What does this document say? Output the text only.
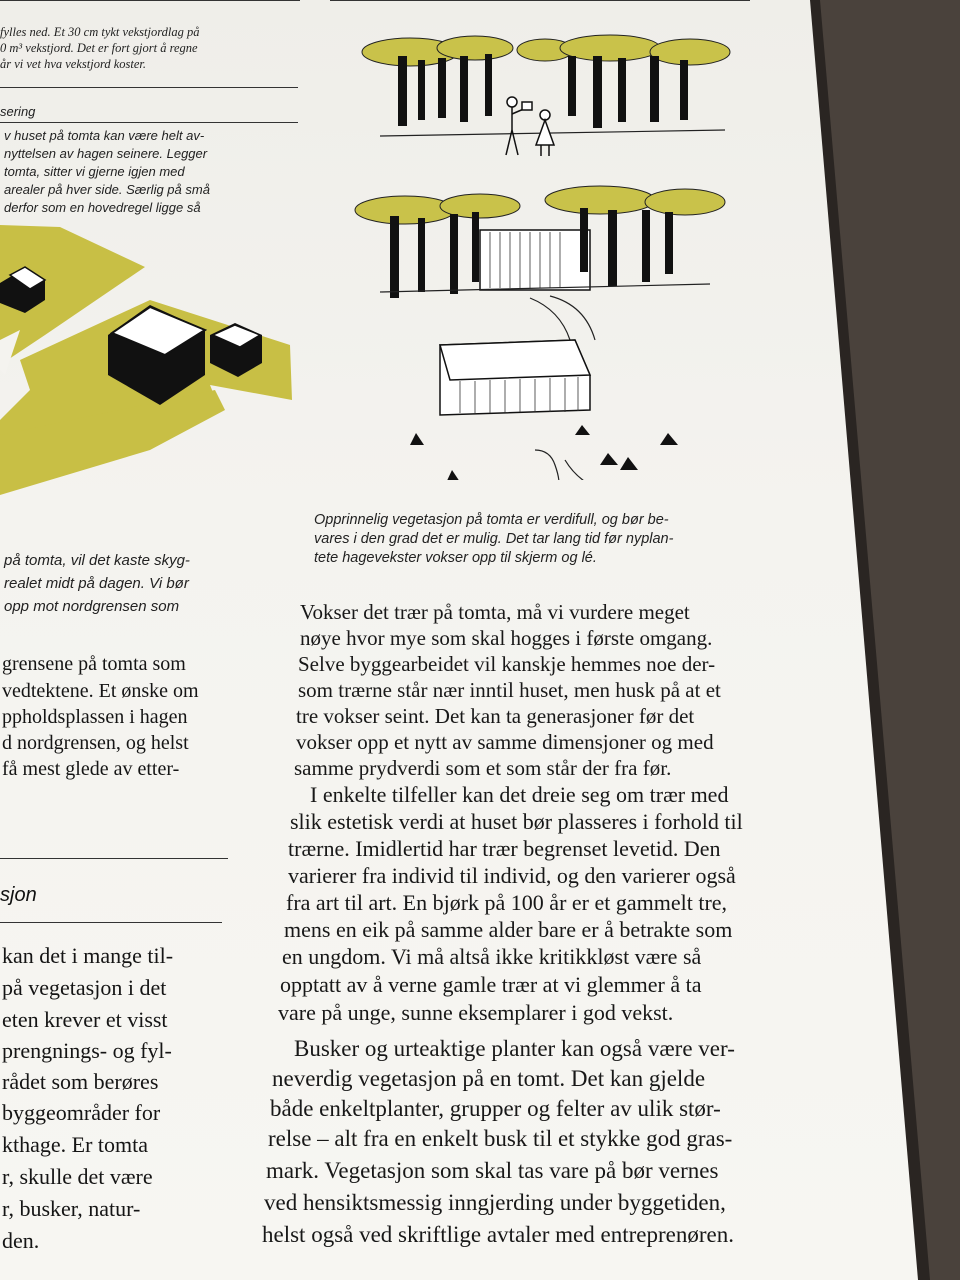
fylles ned. Et 30 cm tykt vekstjordlag på
0 m³ vekstjord. Det er fort gjort å regne
år vi vet hva vekstjord koster.
sering
v huset på tomta kan være helt av-
nyttelsen av hagen seinere. Legger
tomta, sitter vi gjerne igjen med
arealer på hver side. Særlig på små
derfor som en hovedregel ligge så
på tomta, vil det kaste skyg-
realet midt på dagen. Vi bør
opp mot nordgrensen som
grensene på tomta som
vedtektene. Et ønske om
ppholdsplassen i hagen
d nordgrensen, og helst
få mest glede av etter-
sjon
kan det i mange til-
på vegetasjon i det
eten krever et visst
prengnings- og fyl-
rådet som berøres
byggeområder for
kthage. Er tomta
r, skulle det være
r, busker, natur-
den.
Opprinnelig vegetasjon på tomta er verdifull, og bør be-
vares i den grad det er mulig. Det tar lang tid før nyplan-
tete hagevekster vokser opp til skjerm og lé.
Vokser det trær på tomta, må vi vurdere meget
nøye hvor mye som skal hogges i første omgang.
Selve byggearbeidet vil kanskje hemmes noe der-
som trærne står nær inntil huset, men husk på at et
tre vokser seint. Det kan ta generasjoner før det
vokser opp et nytt av samme dimensjoner og med
samme prydverdi som et som står der fra før.
I enkelte tilfeller kan det dreie seg om trær med
slik estetisk verdi at huset bør plasseres i forhold til
trærne. Imidlertid har trær begrenset levetid. Den
varierer fra individ til individ, og den varierer også
fra art til art. En bjørk på 100 år er et gammelt tre,
mens en eik på samme alder bare er å betrakte som
en ungdom. Vi må altså ikke kritikkløst være så
opptatt av å verne gamle trær at vi glemmer å ta
vare på unge, sunne eksemplarer i god vekst.
Busker og urteaktige planter kan også være ver-
neverdig vegetasjon på en tomt. Det kan gjelde
både enkeltplanter, grupper og felter av ulik stør-
relse – alt fra en enkelt busk til et stykke god gras-
mark. Vegetasjon som skal tas vare på bør vernes
ved hensiktsmessig inngjerding under byggetiden,
helst også ved skriftlige avtaler med entreprenøren.
